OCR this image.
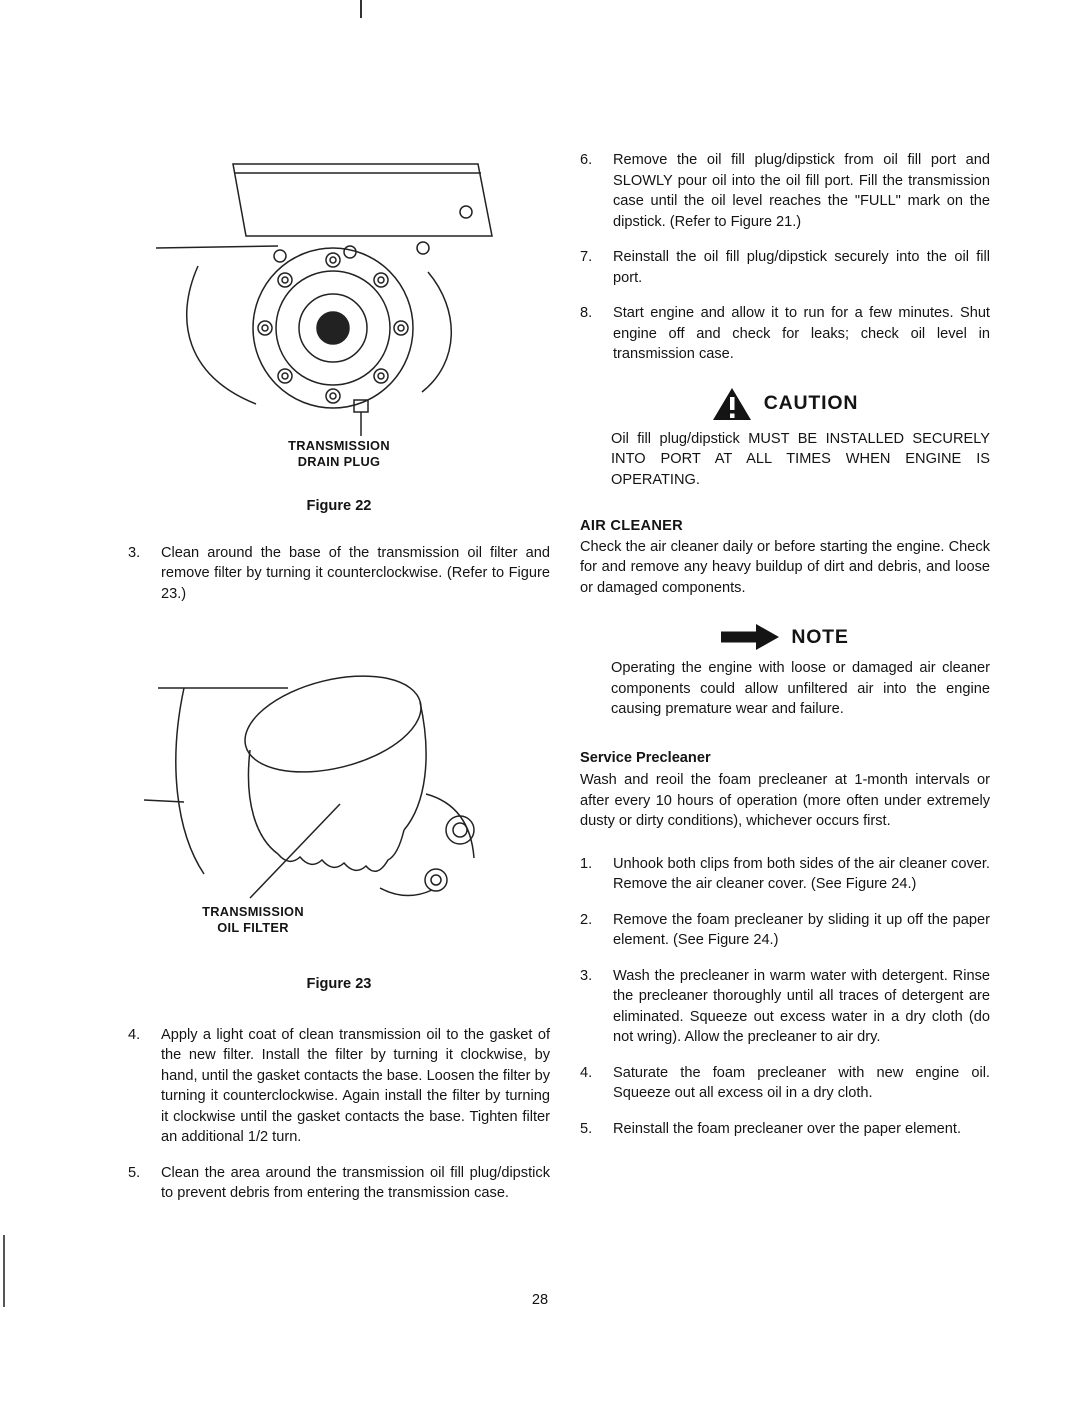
TRANSMISSION
DRAIN PLUG
Figure 22
3.	Clean around the base of the transmission oil filter and remove filter by turning it counterclockwise. (Refer to Figure 23.)
TRANSMISSION
OIL FILTER
Figure 23
4.	Apply a light coat of clean transmission oil to the gasket of the new filter. Install the filter by turning it clockwise, by hand, until the gasket contacts the base. Loosen the filter by turning it counterclockwise. Again install the filter by turning it clockwise until the gasket contacts the base. Tighten filter an additional 1/2 turn.
5.	Clean the area around the transmission oil fill plug/dipstick to prevent debris from entering the transmission case.
6.	Remove the oil fill plug/dipstick from oil fill port and SLOWLY pour oil into the oil fill port. Fill the transmission case until the oil level reaches the "FULL" mark on the dipstick. (Refer to Figure 21.)
7.	Reinstall the oil fill plug/dipstick securely into the oil fill port.
8.	Start engine and allow it to run for a few minutes. Shut engine off and check for leaks; check oil level in transmission case.
CAUTION
Oil fill plug/dipstick MUST BE INSTALLED SECURELY INTO PORT AT ALL TIMES WHEN ENGINE IS OPERATING.
AIR CLEANER
Check the air cleaner daily or before starting the engine. Check for and remove any heavy buildup of dirt and debris, and loose or damaged components.
NOTE
Operating the engine with loose or damaged air cleaner components could allow unfiltered air into the engine causing premature wear and failure.
Service Precleaner
Wash and reoil the foam precleaner at 1-month intervals or after every 10 hours of operation (more often under extremely dusty or dirty conditions), whichever occurs first.
1.	Unhook both clips from both sides of the air cleaner cover. Remove the air cleaner cover. (See Figure 24.)
2.	Remove the foam precleaner by sliding it up off the paper element. (See Figure 24.)
3.	Wash the precleaner in warm water with detergent. Rinse the precleaner thoroughly until all traces of detergent are eliminated. Squeeze out excess water in a dry cloth (do not wring). Allow the precleaner to air dry.
4.	Saturate the foam precleaner with new engine oil. Squeeze out all excess oil in a dry cloth.
5.	Reinstall the foam precleaner over the paper element.
28
